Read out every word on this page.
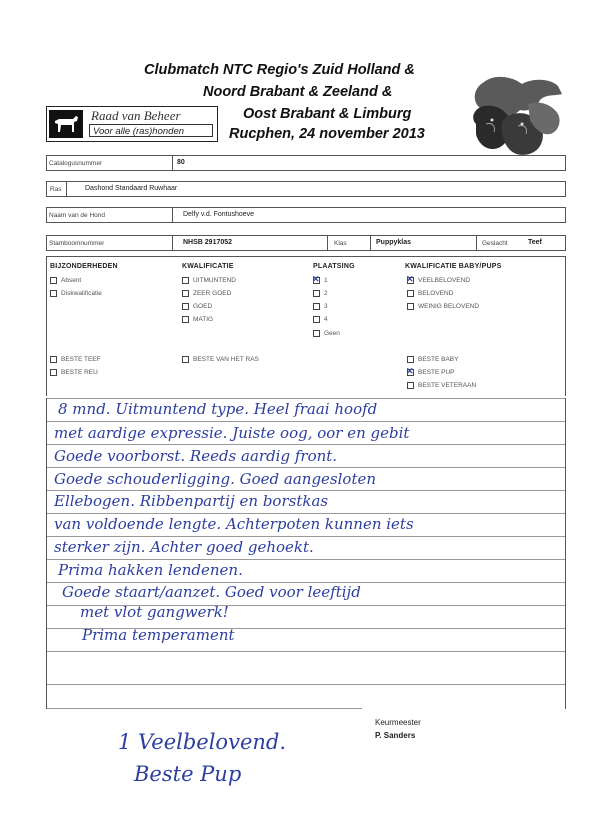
Clubmatch NTC Regio's Zuid Holland &
Noord Brabant & Zeeland &
Oost Brabant & Limburg
Rucphen, 24 november 2013
Raad van Beheer
Voor alle (ras)honden
Catalogusnummer	80
Ras	Dashond Standaard Ruwhaar
Naam van de Hond	Delfy v.d. Fontushoeve
Stamboomnummer	NHSB 2917052	Klas	Puppyklas	Geslacht	Teef
BIJZONDERHEDEN
Absent
Diskwalificatie
BESTE TEEF
BESTE REU
KWALIFICATIE
UITMUNTEND
ZEER GOED
GOED
MATIG
BESTE VAN HET RAS
PLAATSING
✕ 1
2
3
4
Geen
KWALIFICATIE BABY/PUPS
✕ VEELBELOVEND
BELOVEND
WEINIG BELOVEND
BESTE BABY
✕ BESTE PUP
BESTE VETERAAN
8 mnd. Uitmuntend type. Heel fraai hoofd
met aardige expressie. Juiste oog, oor en gebit
Goede voorborst. Reeds aardig front.
Goede schouderligging. Goed aangesloten
Ellebogen. Ribbenpartij en borstkas
van voldoende lengte. Achterpoten kunnen iets
sterker zijn. Achter goed gehoekt.
Prima hakken lendenen.
Goede staart/aanzet. Goed voor leeftijd
met vlot gangwerk!
Prima temperament
Keurmeester
P. Sanders
1 Veelbelovend.
Beste Pup
